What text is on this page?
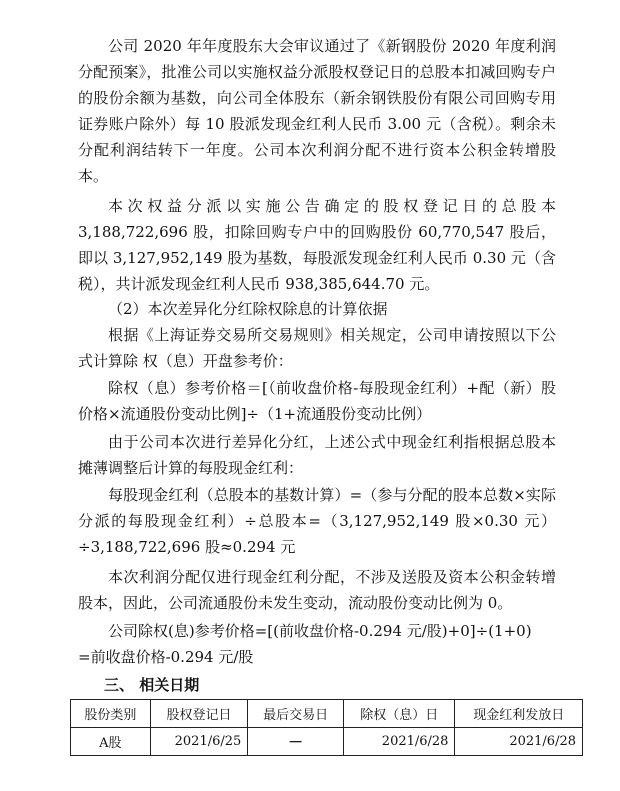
公司 2020 年年度股东大会审议通过了《新钢股份 2020 年度利润分配预案》，批准公司以实施权益分派股权登记日的总股本扣减回购专户的股份余额为基数，向公司全体股东（新余钢铁股份有限公司回购专用证券账户除外）每 10 股派发现金红利人民币 3.00 元（含税）。剩余未分配利润结转下一年度。公司本次利润分配不进行资本公积金转增股本。

本次权益分派以实施公告确定的股权登记日的总股本 3,188,722,696 股，扣除回购专户中的回购股份 60,770,547 股后，即以 3,127,952,149 股为基数，每股派发现金红利人民币 0.30 元（含税），共计派发现金红利人民币 938,385,644.70 元。

（2）本次差异化分红除权除息的计算依据

根据《上海证券交易所交易规则》相关规定，公司申请按照以下公式计算除 权（息）开盘参考价：

除权（息）参考价格＝[（前收盘价格-每股现金红利）+配（新）股价格×流通股份变动比例]÷（1+流通股份变动比例）

由于公司本次进行差异化分红，上述公式中现金红利指根据总股本摊薄调整后计算的每股现金红利：

每股现金红利（总股本的基数计算）=（参与分配的股本总数×实际分派的每股现金红利）÷总股本=（3,127,952,149 股×0.30 元）÷3,188,722,696 股≈0.294 元

本次利润分配仅进行现金红利分配，不涉及送股及资本公积金转增股本，因此，公司流通股份未发生变动，流动股份变动比例为 0。

公司除权(息)参考价格=[(前收盘价格-0.294 元/股)+0]÷(1+0)

=前收盘价格-0.294 元/股

三、 相关日期
股份类别	股权登记日	最后交易日	除权（息）日	现金红利发放日
A股	2021/6/25	－	2021/6/28	2021/6/28
